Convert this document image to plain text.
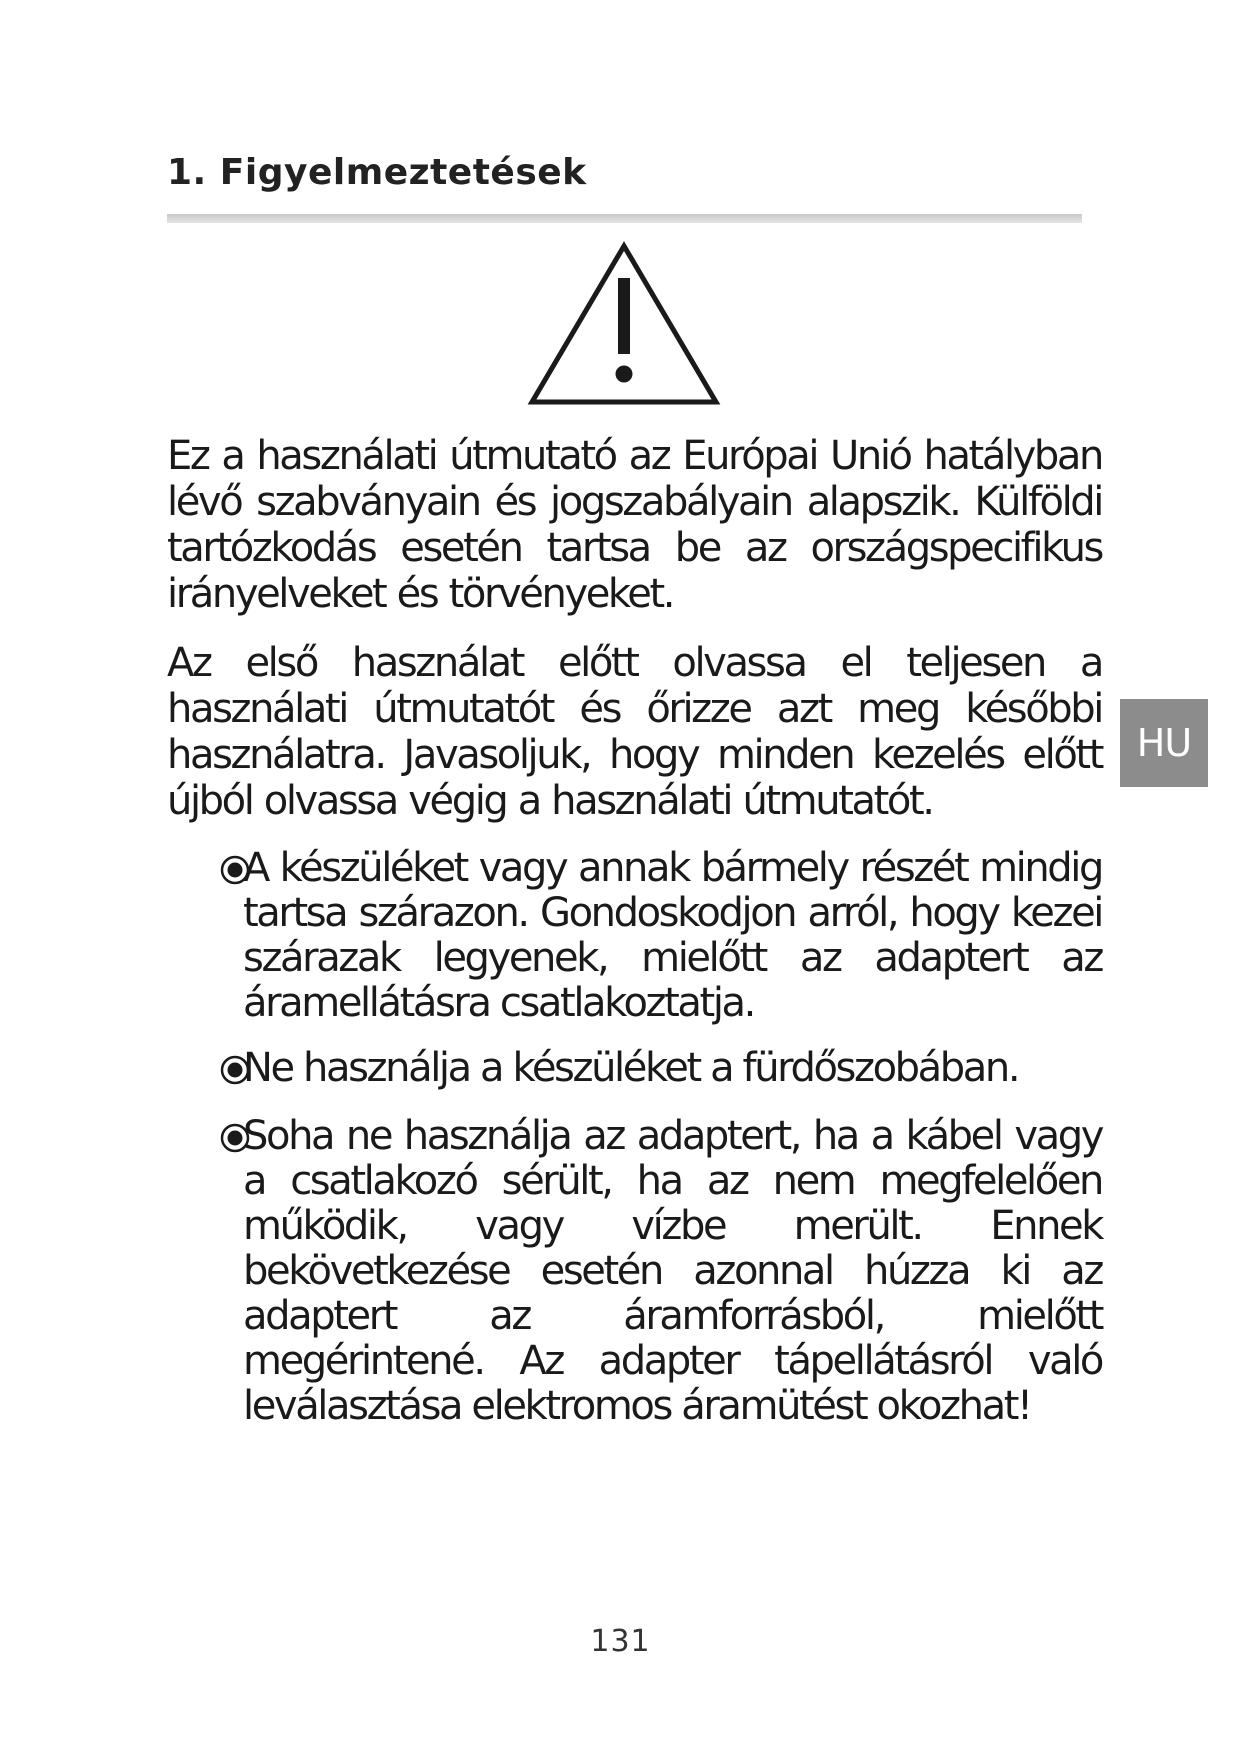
1. Figyelmeztetések

Ez a használati útmutató az Európai Unió hatályban lévő szabványain és jogszabályain alapszik. Külföldi tartózkodás esetén tartsa be az országspecifikus irányelveket és törvényeket.

Az első használat előtt olvassa el teljesen a használati útmutatót és őrizze azt meg későbbi használatra. Javasoljuk, hogy minden kezelés előtt újból olvassa végig a használati útmutatót.

A készüléket vagy annak bármely részét mindig tartsa szárazon. Gondoskodjon arról, hogy kezei szárazak legyenek, mielőtt az adaptert az áramellátásra csatlakoztatja.
Ne használja a készüléket a fürdőszobában.
Soha ne használja az adaptert, ha a kábel vagy a csatlakozó sérült, ha az nem megfelelően működik, vagy vízbe merült. Ennek bekövetkezése esetén azonnal húzza ki az adaptert az áramforrásból, mielőtt megérintené. Az adapter tápellátásról való leválasztása elektromos áramütést okozhat!
HU
131
